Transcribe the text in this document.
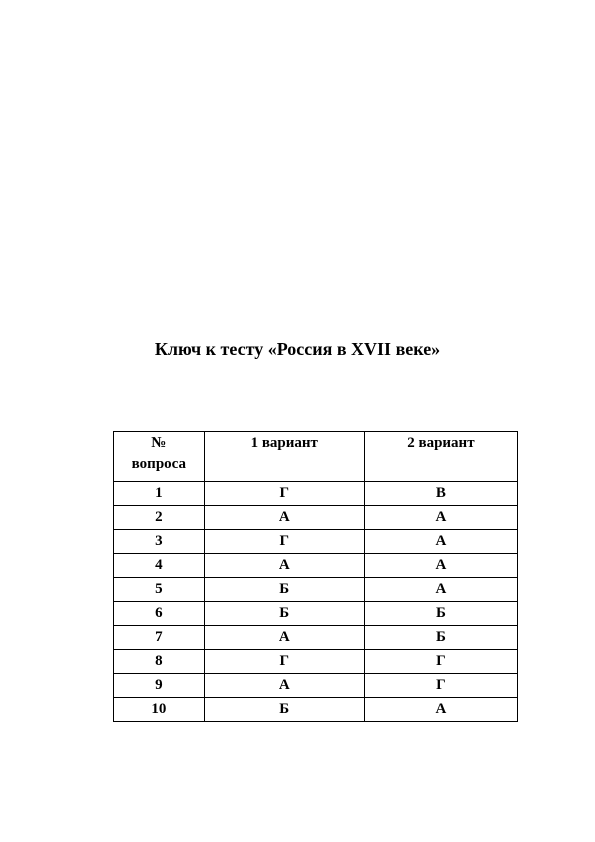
Ключ к тесту «Россия в XVII веке»
№
вопроса	1 вариант	2 вариант
1	Г	В
2	А	А
3	Г	А
4	А	А
5	Б	А
6	Б	Б
7	А	Б
8	Г	Г
9	А	Г
10	Б	А
